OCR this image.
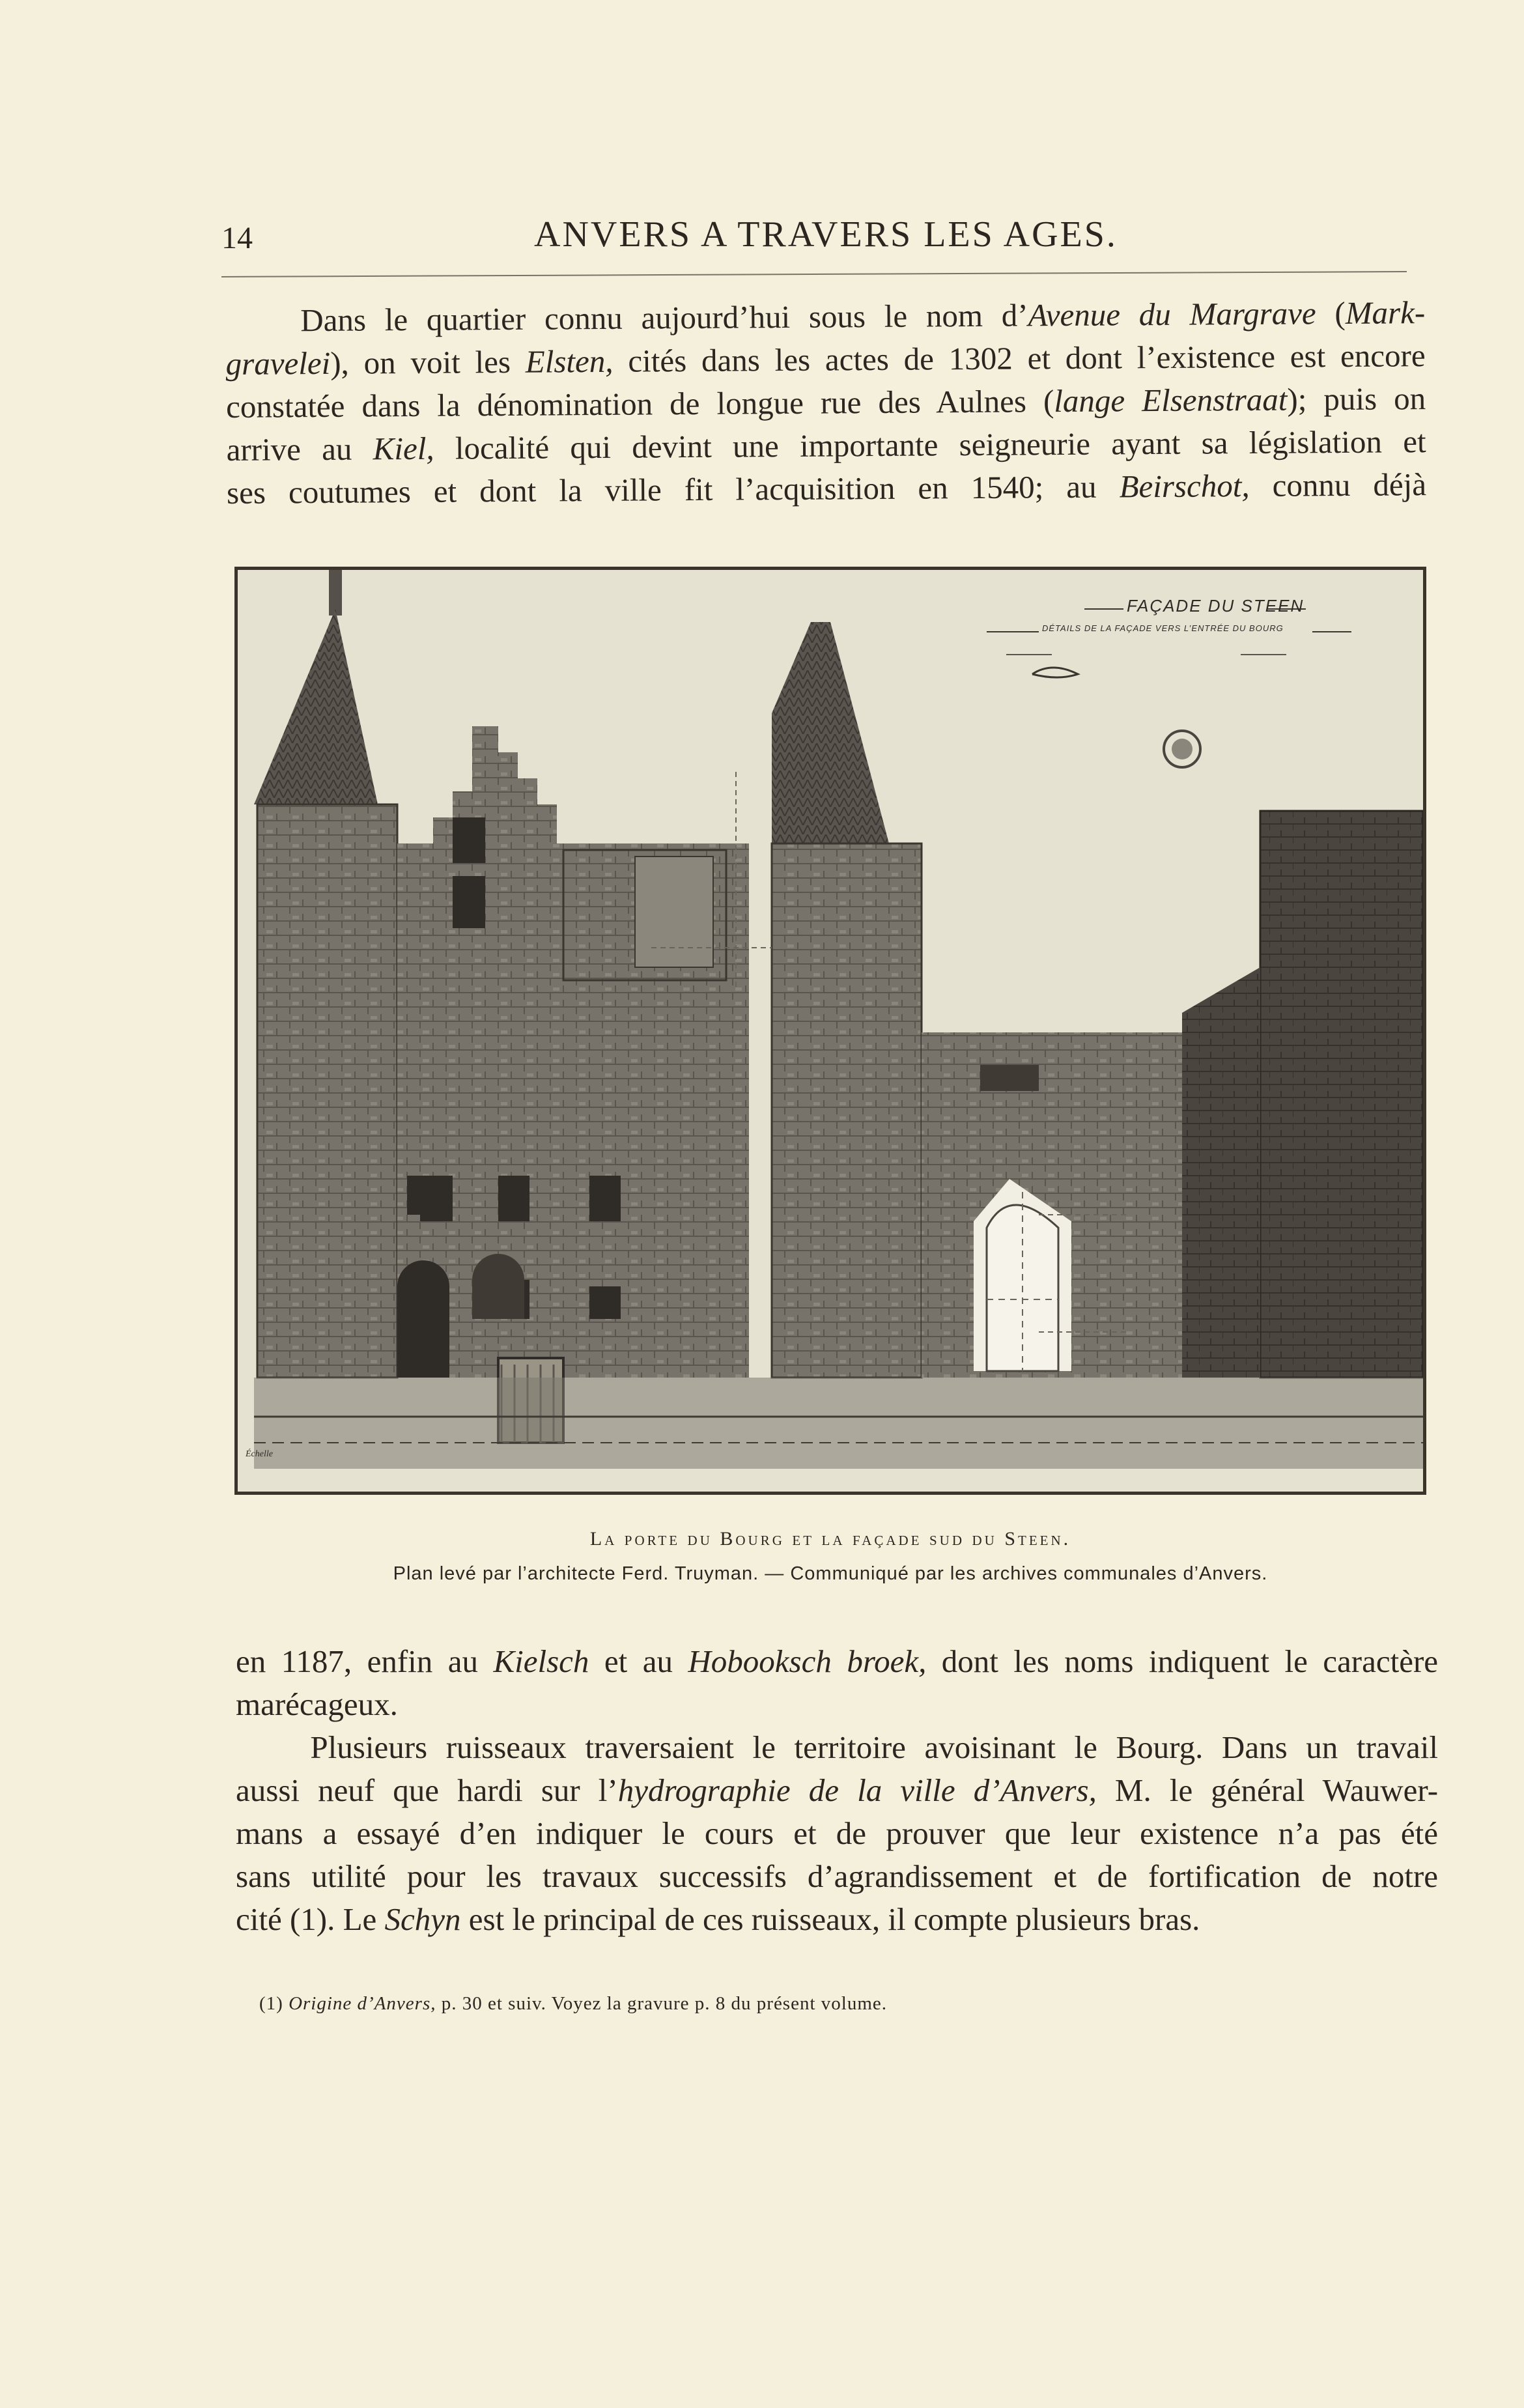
14	ANVERS A TRAVERS LES AGES.
Dans le quartier connu aujourd’hui sous le nom d’Avenue du Margrave (Mark-
gravelei), on voit les Elsten, cités dans les actes de 1302 et dont l’existence est encore
constatée dans la dénomination de longue rue des Aulnes (lange Elsenstraat); puis on
arrive au Kiel, localité qui devint une importante seigneurie ayant sa législation et
ses coutumes et dont la ville fit l’acquisition en 1540; au Beirschot, connu déjà
FAÇADE DU STEEN
DÉTAILS DE LA FAÇADE VERS L’ENTRÉE DU BOURG
Échelle
La porte du Bourg et la façade sud du Steen.
Plan levé par l’architecte Ferd. Truyman. — Communiqué par les archives communales d’Anvers.
en 1187, enfin au Kielsch et au Hobooksch broek, dont les noms indiquent le caractère
marécageux.
Plusieurs ruisseaux traversaient le territoire avoisinant le Bourg. Dans un travail
aussi neuf que hardi sur l’hydrographie de la ville d’Anvers, M. le général Wauwer-
mans a essayé d’en indiquer le cours et de prouver que leur existence n’a pas été
sans utilité pour les travaux successifs d’agrandissement et de fortification de notre
cité (1). Le Schyn est le principal de ces ruisseaux, il compte plusieurs bras.
(1) Origine d’Anvers, p. 30 et suiv. Voyez la gravure p. 8 du présent volume.
